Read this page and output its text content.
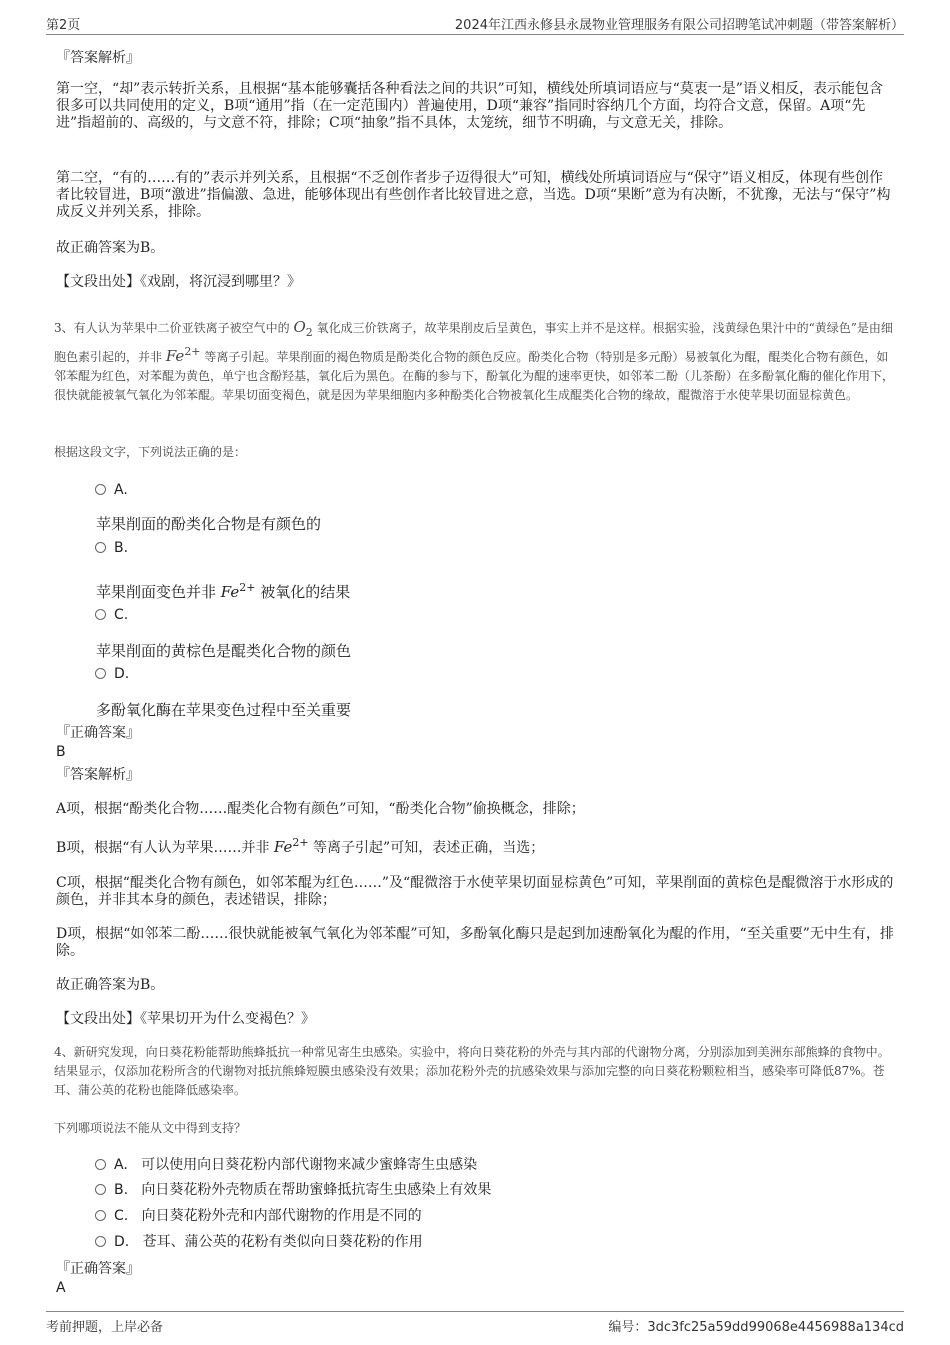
第2页	2024年江西永修县永晟物业管理服务有限公司招聘笔试冲刺题（带答案解析）
『答案解析』
第一空，“却”表示转折关系，且根据“基本能够囊括各种看法之间的共识”可知，横线处所填词语应与“莫衷一是”语义相反，表示能包含很多可以共同使用的定义，B项“通用”指（在一定范围内）普遍使用，D项“兼容”指同时容纳几个方面，均符合文意，保留。A项“先进”指超前的、高级的，与文意不符，排除；C项“抽象”指不具体，太笼统，细节不明确，与文意无关，排除。
第二空，“有的……有的”表示并列关系，且根据“不乏创作者步子迈得很大”可知，横线处所填词语应与“保守”语义相反，体现有些创作者比较冒进，B项“激进”指偏激、急进，能够体现出有些创作者比较冒进之意，当选。D项“果断”意为有决断，不犹豫，无法与“保守”构成反义并列关系，排除。
故正确答案为B。
【文段出处】《戏剧，将沉浸到哪里？》
3、有人认为苹果中二价亚铁离子被空气中的 $O_2$ 氧化成三价铁离子，故苹果削皮后呈黄色，事实上并不是这样。根据实验，浅黄绿色果汁中的“黄绿色”是由细胞色素引起的，并非 $Fe^{2+}$ 等离子引起。苹果削面的褐色物质是酚类化合物的颜色反应。酚类化合物（特别是多元酚）易被氧化为醌，醌类化合物有颜色，如邻苯醌为红色，对苯醌为黄色，单宁也含酚羟基，氧化后为黑色。在酶的参与下，酚氧化为醌的速率更快，如邻苯二酚（儿茶酚）在多酚氧化酶的催化作用下，很快就能被氧气氧化为邻苯醌。苹果切面变褐色，就是因为苹果细胞内多种酚类化合物被氧化生成醌类化合物的缘故，醌微溶于水使苹果切面显棕黄色。
根据这段文字，下列说法正确的是：
A.
苹果削面的酚类化合物是有颜色的
B.
苹果削面变色并非 $Fe^{2+}$ 被氧化的结果
C.
苹果削面的黄棕色是醌类化合物的颜色
D.
多酚氧化酶在苹果变色过程中至关重要
『正确答案』
B
『答案解析』
A项，根据“酚类化合物……醌类化合物有颜色”可知，“酚类化合物”偷换概念，排除；
B项，根据“有人认为苹果……并非 $Fe^{2+}$ 等离子引起”可知，表述正确，当选；
C项，根据“醌类化合物有颜色，如邻苯醌为红色……”及“醌微溶于水使苹果切面显棕黄色”可知，苹果削面的黄棕色是醌微溶于水形成的颜色，并非其本身的颜色，表述错误，排除；
D项，根据“如邻苯二酚……很快就能被氧气氧化为邻苯醌”可知，多酚氧化酶只是起到加速酚氧化为醌的作用，“至关重要”无中生有，排除。
故正确答案为B。
【文段出处】《苹果切开为什么变褐色？》
4、新研究发现，向日葵花粉能帮助熊蜂抵抗一种常见寄生虫感染。实验中，将向日葵花粉的外壳与其内部的代谢物分离，分别添加到美洲东部熊蜂的食物中。结果显示，仅添加花粉所含的代谢物对抵抗熊蜂短膜虫感染没有效果；添加花粉外壳的抗感染效果与添加完整的向日葵花粉颗粒相当，感染率可降低87%。苍耳、蒲公英的花粉也能降低感染率。
下列哪项说法不能从文中得到支持？
A. 可以使用向日葵花粉内部代谢物来减少蜜蜂寄生虫感染
B. 向日葵花粉外壳物质在帮助蜜蜂抵抗寄生虫感染上有效果
C. 向日葵花粉外壳和内部代谢物的作用是不同的
D. 苍耳、蒲公英的花粉有类似向日葵花粉的作用
『正确答案』
A
考前押题，上岸必备	编号：3dc3fc25a59dd99068e4456988a134cd
